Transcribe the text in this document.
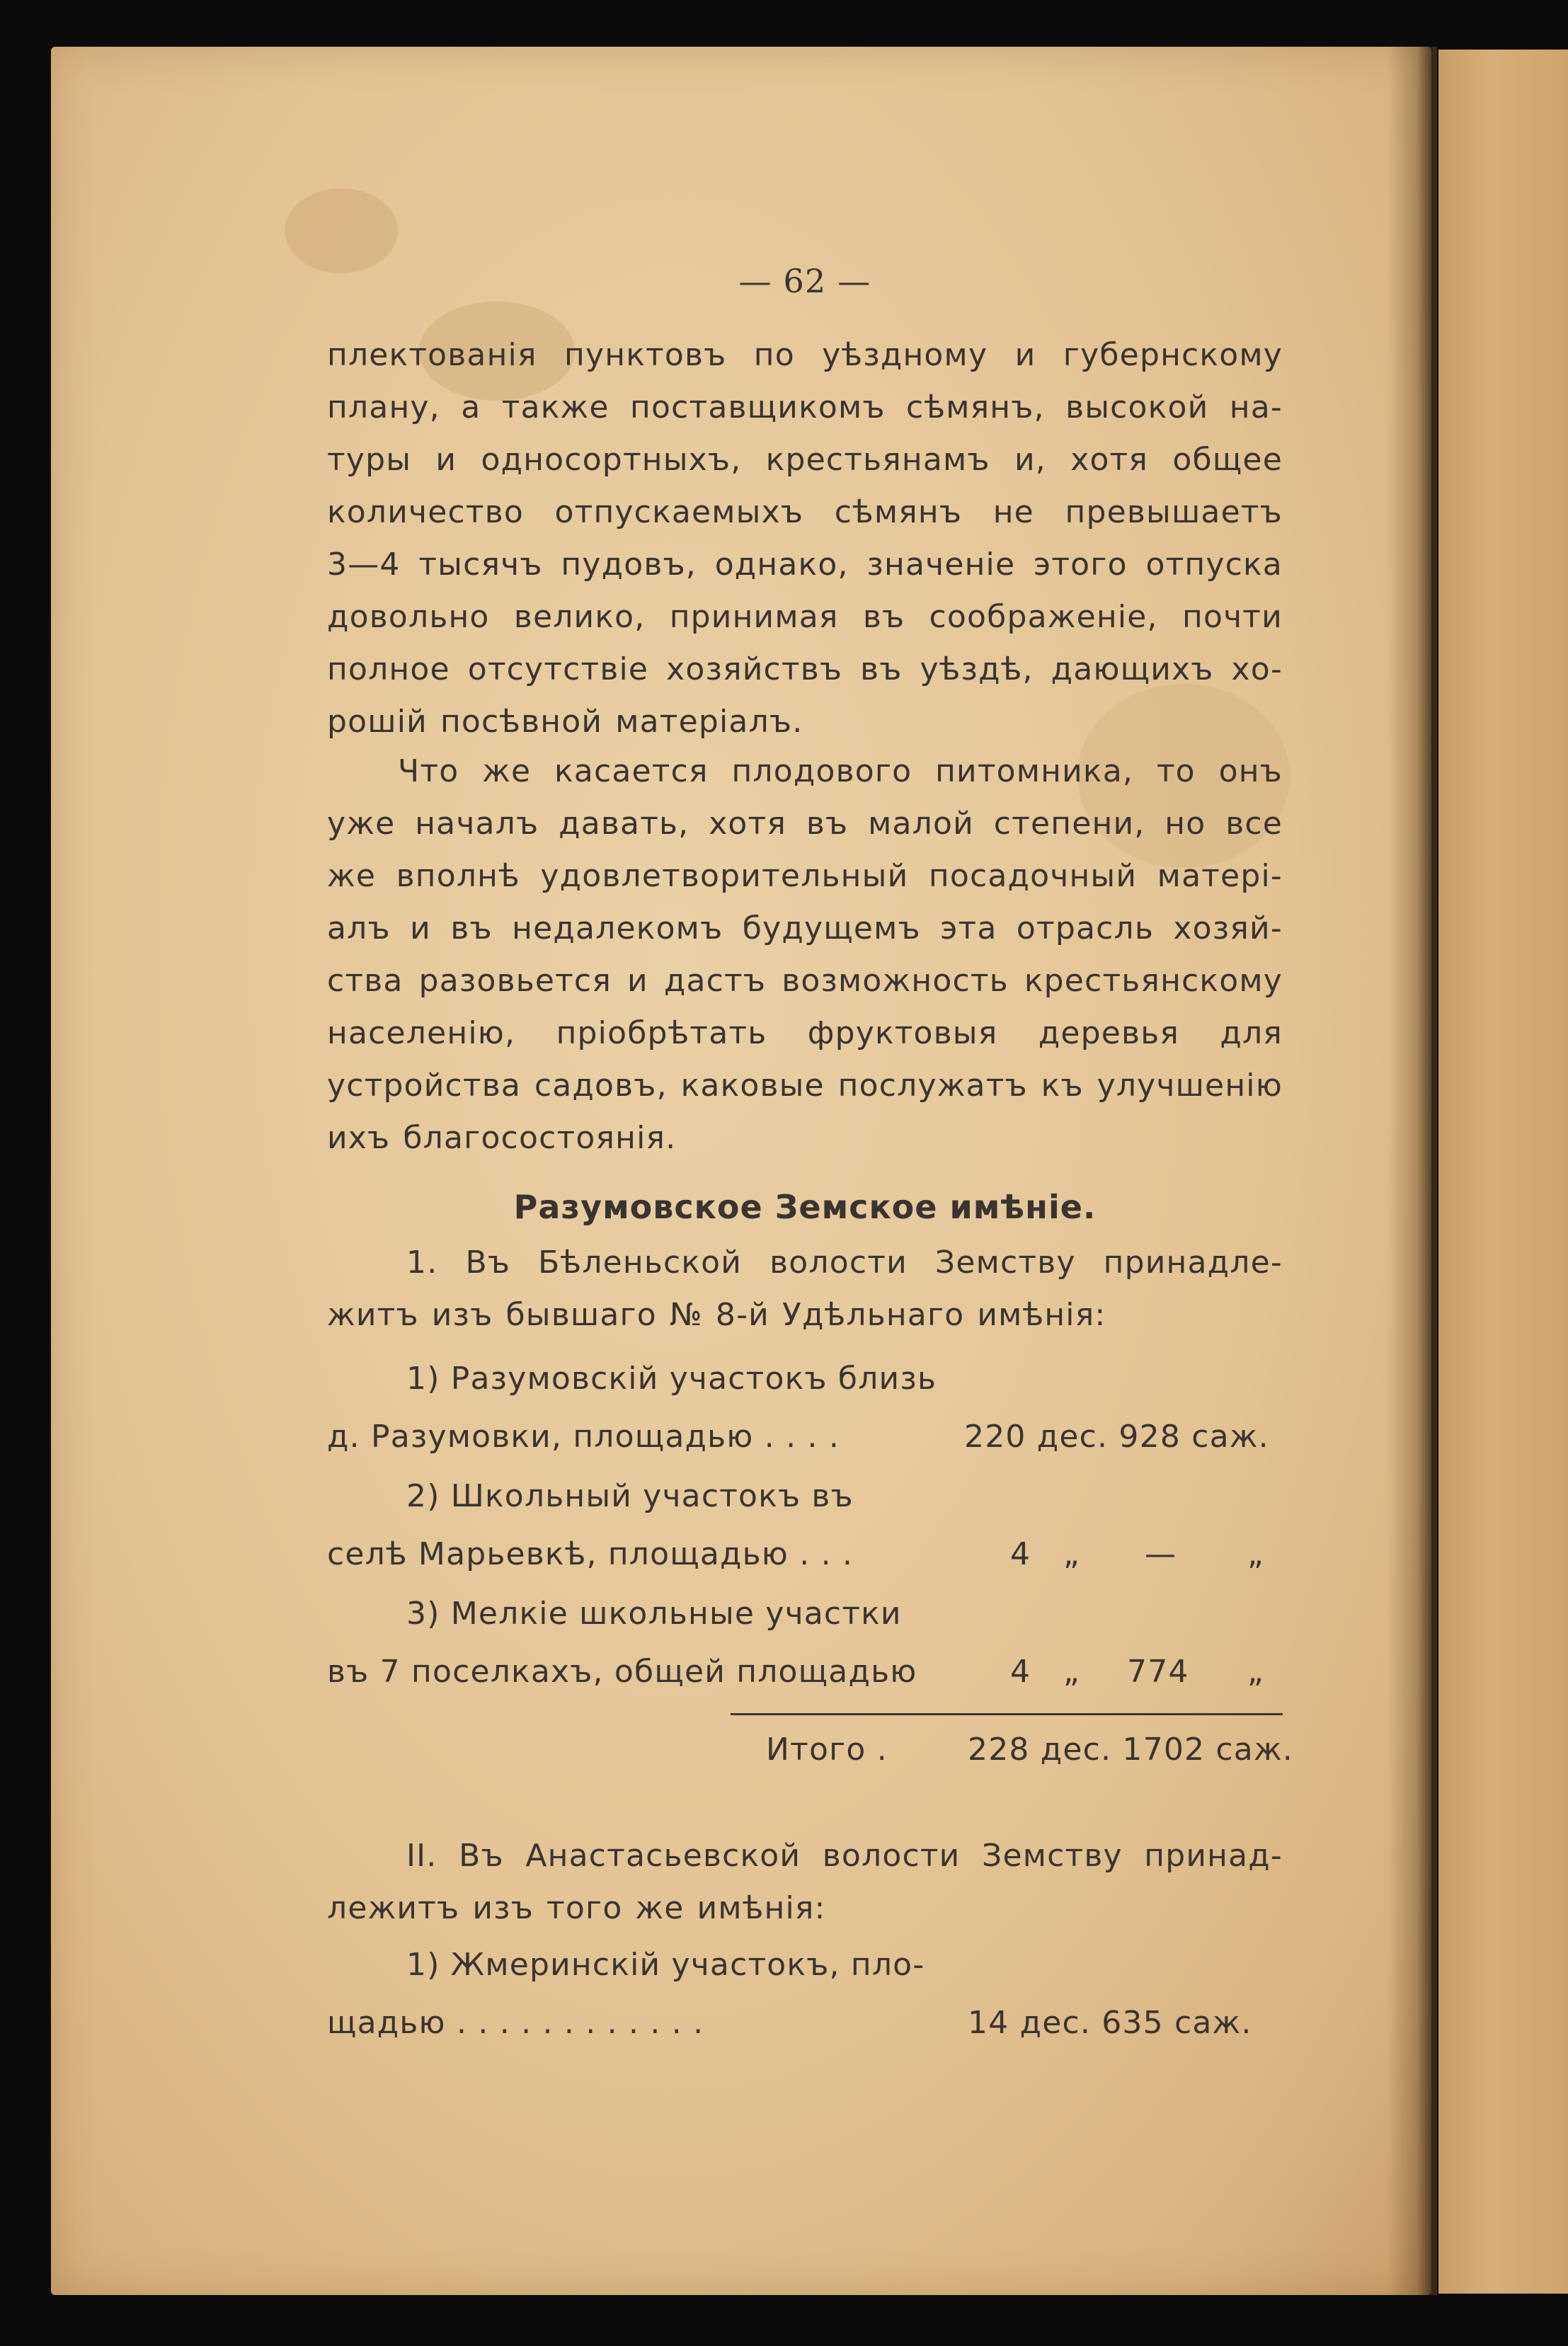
— 62 —
плектованія пунктовъ по уѣздному и губернскому
плану, а также поставщикомъ сѣмянъ, высокой на-
туры и односортныхъ, крестьянамъ и, хотя общее
количество отпускаемыхъ сѣмянъ не превышаетъ
3—4 тысячъ пудовъ, однако, значеніе этого отпуска
довольно велико, принимая въ соображеніе, почти
полное отсутствіе хозяйствъ въ уѣздѣ, дающихъ хо-
рошій посѣвной матеріалъ.
Что же касается плодового питомника, то онъ
уже началъ давать, хотя въ малой степени, но все
же вполнѣ удовлетворительный посадочный матері-
алъ и въ недалекомъ будущемъ эта отрасль хозяй-
ства разовьется и дастъ возможность крестьянскому
населенію, пріобрѣтать фруктовыя деревья для
устройства садовъ, каковые послужатъ къ улучшенію
ихъ благосостоянія.
Разумовское Земское имѣніе.
1. Въ Бѣленьской волости Земству принадле-
житъ изъ бывшаго № 8-й Удѣльнаго имѣнія:
1) Разумовскій участокъ близь
д. Разумовки, площадью . . . .	220 дес. 928 саж.
2) Школьный участокъ въ
селѣ Марьевкѣ, площадью . . .	4 „ — „
3) Мелкіе школьные участки
въ 7 поселкахъ, общей площадью	4 „ 774 „
Итого .	228 дес. 1702 саж.
II. Въ Анастасьевской волости Земству принад-
лежитъ изъ того же имѣнія:
1) Жмеринскій участокъ, пло-
щадью . . . . . . . . . . . .	14 дес. 635 саж.
